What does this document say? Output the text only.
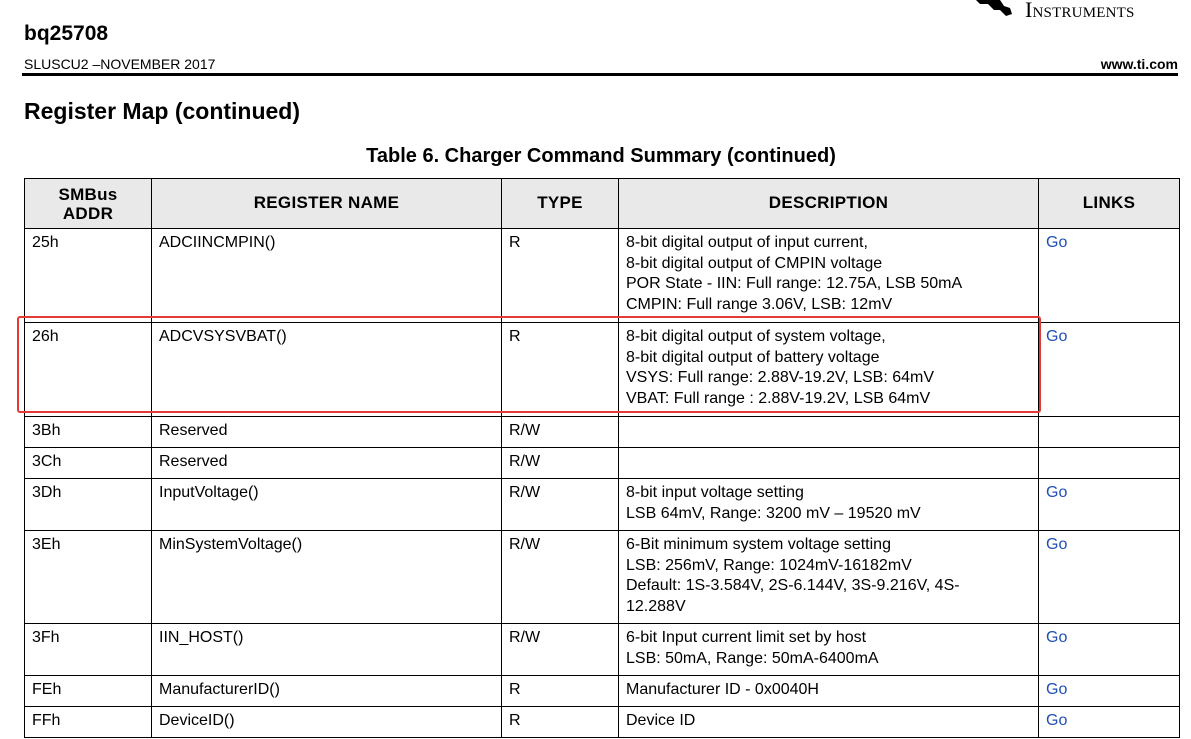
Instruments
bq25708
SLUSCU2 –NOVEMBER 2017	www.ti.com
Register Map (continued)
Table 6. Charger Command Summary (continued)
SMBus ADDR	REGISTER NAME	TYPE	DESCRIPTION	LINKS
25h	ADCIINCMPIN()	R	8-bit digital output of input current,
8-bit digital output of CMPIN voltage
POR State - IIN: Full range: 12.75A, LSB 50mA
CMPIN: Full range 3.06V, LSB: 12mV	Go
26h	ADCVSYSVBAT()	R	8-bit digital output of system voltage,
8-bit digital output of battery voltage
VSYS: Full range: 2.88V-19.2V, LSB: 64mV
VBAT: Full range : 2.88V-19.2V, LSB 64mV	Go
3Bh	Reserved	R/W		
3Ch	Reserved	R/W		
3Dh	InputVoltage()	R/W	8-bit input voltage setting
LSB 64mV, Range: 3200 mV – 19520 mV	Go
3Eh	MinSystemVoltage()	R/W	6-Bit minimum system voltage setting
LSB: 256mV, Range: 1024mV-16182mV
Default: 1S-3.584V, 2S-6.144V, 3S-9.216V, 4S-
12.288V	Go
3Fh	IIN_HOST()	R/W	6-bit Input current limit set by host
LSB: 50mA, Range: 50mA-6400mA	Go
FEh	ManufacturerID()	R	Manufacturer ID - 0x0040H	Go
FFh	DeviceID()	R	Device ID	Go
